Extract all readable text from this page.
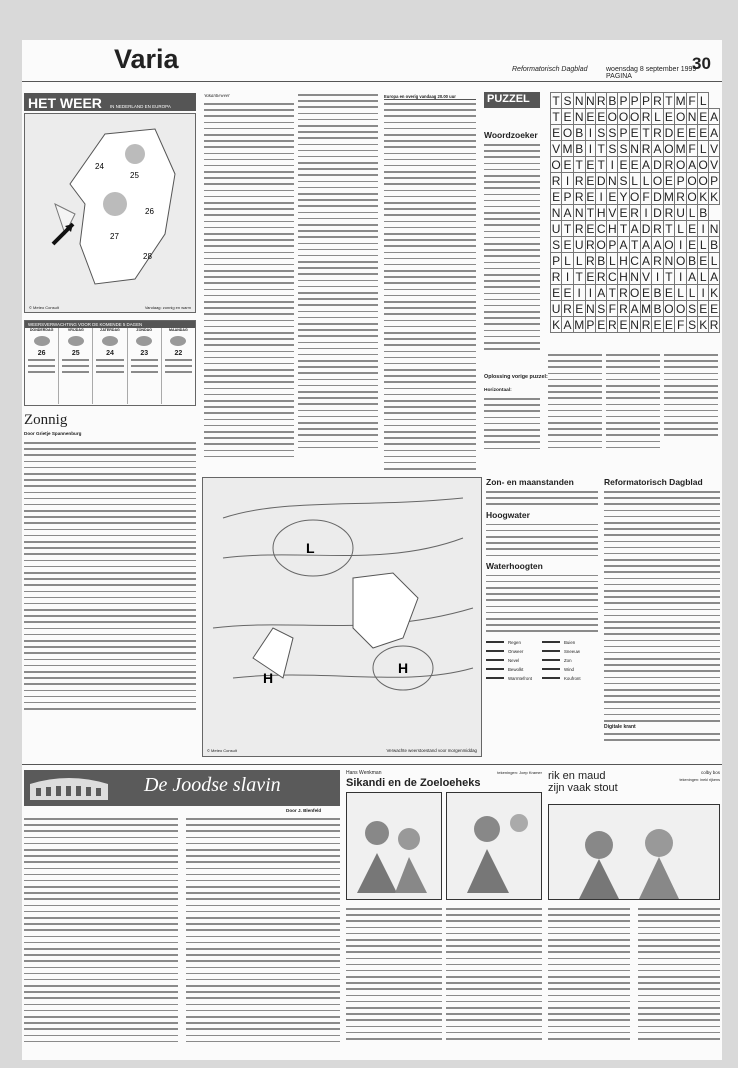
Varia	Reformatorisch Dagblad	woensdag 8 september 1999 PAGINA
30
HET WEER IN NEDERLAND EN EUROPA
25
26
27
28
24
© Meteo Consult	Vandaag: zonnig en warm
WEERSVERWACHTING VOOR DE KOMENDE 5 DAGEN
DONDERDAG
26
VRIJDAG
25
ZATERDAG
24
ZONDAG
23
MAANDAG
22
Zonnig
Door Grietje Spannenburg
Vakantieweer	Europa en overig vandaag 20.00 uur	PUZZEL
Woordzoeker
Oplossing vorige puzzel:
Horizontaal:
T	S	N	N	R	B	P	P	P	R	T	M	F	L	
T	E	N	E	E	O	O	O	R	L	E	O	N	E	A
E	O	B	I	S	S	P	E	T	R	D	E	E	E	A
V	M	B	I	T	S	S	N	R	A	O	M	F	L	V
O	E	T	E	T	I	E	E	A	D	R	O	A	O	V
R	I	R	E	D	N	S	L	L	O	E	P	O	O	P
E	P	R	E	I	E	Y	O	F	D	M	R	O	K	K
N	A	N	T	H	V	E	R	I	D	R	U	L	B	
U	T	R	E	C	H	T	A	D	R	T	L	E	I	N
S	E	U	R	O	P	A	T	A	A	O	I	E	L	B
P	L	L	R	B	L	H	C	A	R	N	O	B	E	L
R	I	T	E	R	C	H	N	V	I	T	I	A	L	A
E	E	I	I	A	T	R	O	E	B	E	L	L	I	K
U	R	E	N	S	F	R	A	M	B	O	O	S	E	E
K	A	M	P	E	R	E	N	R	E	E	F	S	K	R
L
H
H
© Meteo Consult	Verwachte weerstoestand voor morgenmiddag
Zon- en maanstanden
Hoogwater
Waterhoogten
Regen	Buien
Onweer	Sneeuw
Nevel	Zon
Bewolkt	Wind
Warmtefront	Koufront
Reformatorisch Dagblad
Digitale krant
De Joodse slavin
Door J. Blenfeld
Hans Wenkman	tekeningen: Joep Kramer
Sikandi en de Zoeloeheks
rik en maud
zijn vaak stout
colby bos
tekeningen: inekl rijkens
